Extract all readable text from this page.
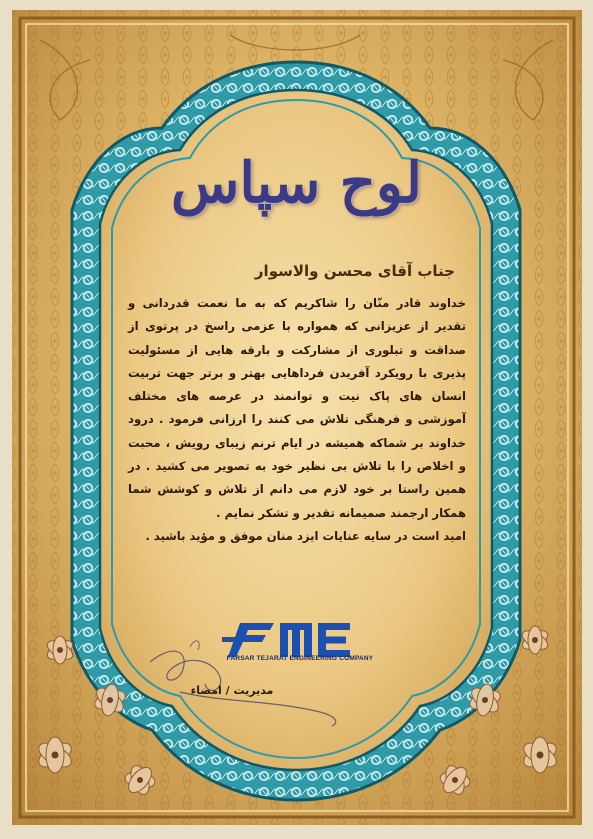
لوح سپاس
جناب آقای محسن والاسوار

خداوند قادر منّان را شاکریم که به ما نعمت قدردانی و تقدیر از عزیزانی که همواره با عزمی راسخ در پرتوی از صداقت و تبلوری از مشارکت و بارقه هایی از مسئولیت پذیری با رویکرد آفریدن فرداهایی بهتر و برتر جهت تربیت انسان های پاک نیت و توانمند در عرصه های مختلف آموزشی و فرهنگی تلاش می کنند را ارزانی فرمود . درود خداوند بر شماکه همیشه در ایام ترنم زیبای رویش ، محبت و اخلاص را با تلاش بی نظیر خود به تصویر می کشید . در همین راستا بر خود لازم می دانم از تلاش و کوشش شما همکار ارجمند صمیمانه تقدیر و تشکر نمایم .

امید است در سایه عنایات ایزد منان موفق و مؤید باشید .

FARSAR TEJARAT ENGINEERING COMPANY
مدیریت / امضاء
